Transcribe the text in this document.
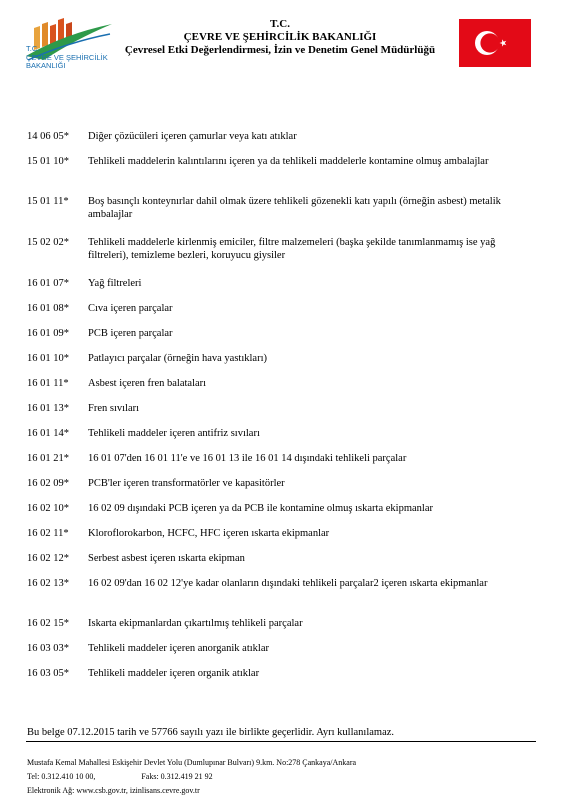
T.C.
ÇEVRE VE ŞEHİRCİLİK
BAKANLIĞI
T.C.
ÇEVRE VE ŞEHİRCİLİK BAKANLIĞI
Çevresel Etki Değerlendirmesi, İzin ve Denetim Genel Müdürlüğü
14 06 05*	Diğer çözücüleri içeren çamurlar veya katı atıklar
15 01 10*	Tehlikeli maddelerin kalıntılarını içeren ya da tehlikeli maddelerle kontamine olmuş ambalajlar
15 01 11*	Boş basınçlı konteynırlar dahil olmak üzere tehlikeli gözenekli katı yapılı (örneğin asbest) metalik ambalajlar
15 02 02*	Tehlikeli maddelerle kirlenmiş emiciler, filtre malzemeleri (başka şekilde tanımlanmamış ise yağ filtreleri), temizleme bezleri, koruyucu giysiler
16 01 07*	Yağ filtreleri
16 01 08*	Cıva içeren parçalar
16 01 09*	PCB içeren parçalar
16 01 10*	Patlayıcı parçalar (örneğin hava yastıkları)
16 01 11*	Asbest içeren fren balataları
16 01 13*	Fren sıvıları
16 01 14*	Tehlikeli maddeler içeren antifriz sıvıları
16 01 21*	16 01 07'den 16 01 11'e ve 16 01 13 ile 16 01 14 dışındaki tehlikeli parçalar
16 02 09*	PCB'ler içeren transformatörler ve kapasitörler
16 02 10*	16 02 09 dışındaki PCB içeren ya da PCB ile kontamine olmuş ıskarta ekipmanlar
16 02 11*	Kloroflorokarbon, HCFC, HFC içeren ıskarta ekipmanlar
16 02 12*	Serbest asbest içeren ıskarta ekipman
16 02 13*	16 02 09'dan 16 02 12'ye kadar olanların dışındaki tehlikeli parçalar2 içeren ıskarta ekipmanlar
16 02 15*	Iskarta ekipmanlardan çıkartılmış tehlikeli parçalar
16 03 03*	Tehlikeli maddeler içeren anorganik atıklar
16 03 05*	Tehlikeli maddeler içeren organik atıklar
Bu belge 07.12.2015 tarih ve 57766 sayılı yazı ile birlikte geçerlidir. Ayrı kullanılamaz.
Mustafa Kemal Mahallesi Eskişehir Devlet Yolu (Dumlupınar Bulvarı) 9.km. No:278 Çankaya/Ankara
Tel: 0.312.410 10 00,	Faks: 0.312.419 21 92
Elektronik Ağ: www.csb.gov.tr, izinlisans.cevre.gov.tr
